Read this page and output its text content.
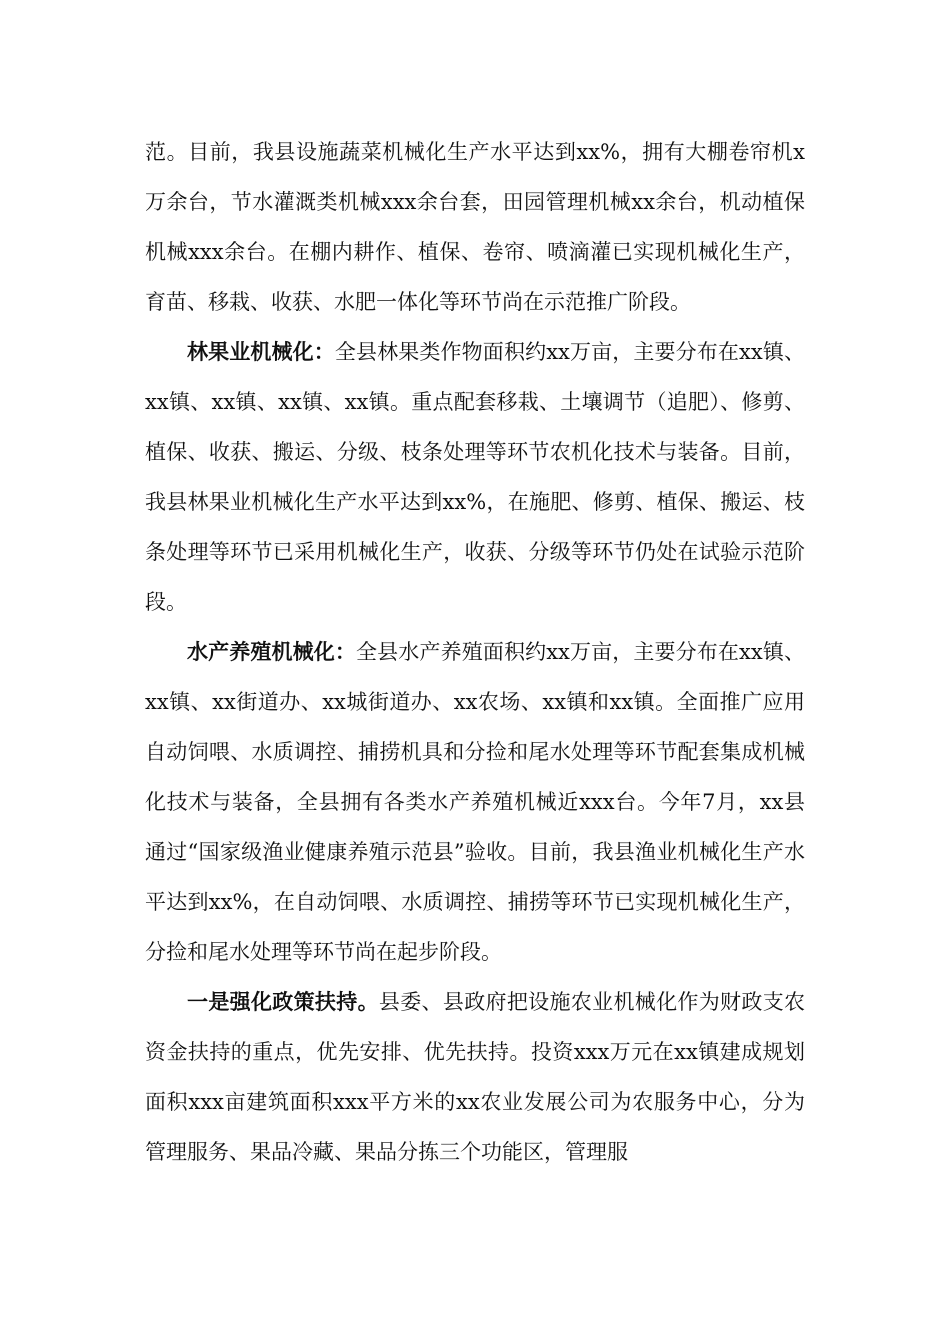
范。目前，我县设施蔬菜机械化生产水平达到xx%，拥有大棚卷帘机x万余台，节水灌溉类机械xxx余台套，田园管理机械xx余台，机动植保机械xxx余台。在棚内耕作、植保、卷帘、喷滴灌已实现机械化生产，育苗、移栽、收获、水肥一体化等环节尚在示范推广阶段。

林果业机械化：全县林果类作物面积约xx万亩，主要分布在xx镇、xx镇、xx镇、xx镇、xx镇。重点配套移栽、土壤调节（追肥）、修剪、植保、收获、搬运、分级、枝条处理等环节农机化技术与装备。目前，我县林果业机械化生产水平达到xx%，在施肥、修剪、植保、搬运、枝条处理等环节已采用机械化生产，收获、分级等环节仍处在试验示范阶段。

水产养殖机械化：全县水产养殖面积约xx万亩，主要分布在xx镇、xx镇、xx街道办、xx城街道办、xx农场、xx镇和xx镇。全面推广应用自动饲喂、水质调控、捕捞机具和分捡和尾水处理等环节配套集成机械化技术与装备，全县拥有各类水产养殖机械近xxx台。今年7月，xx县通过“国家级渔业健康养殖示范县”验收。目前，我县渔业机械化生产水平达到xx%，在自动饲喂、水质调控、捕捞等环节已实现机械化生产，分捡和尾水处理等环节尚在起步阶段。

一是强化政策扶持。县委、县政府把设施农业机械化作为财政支农资金扶持的重点，优先安排、优先扶持。投资xxx万元在xx镇建成规划面积xxx亩建筑面积xxx平方米的xx农业发展公司为农服务中心，分为管理服务、果品冷藏、果品分拣三个功能区，管理服
